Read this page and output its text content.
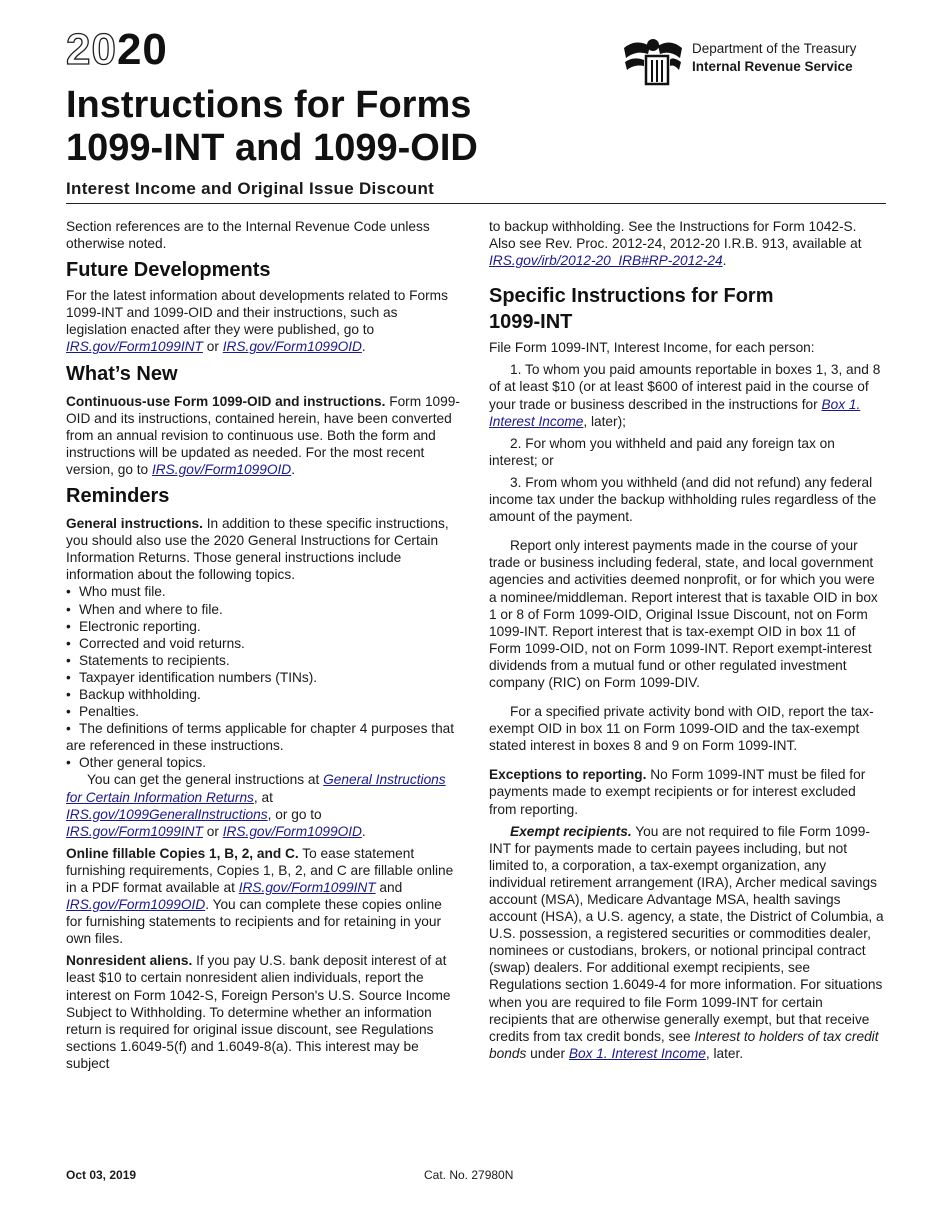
2020
Instructions for Forms
1099-INT and 1099-OID
Department of the Treasury
Internal Revenue Service
Interest Income and Original Issue Discount

Section references are to the Internal Revenue Code unless otherwise noted.

Future Developments

For the latest information about developments related to Forms 1099-INT and 1099-OID and their instructions, such as legislation enacted after they were published, go to IRS.gov/Form1099INT or IRS.gov/Form1099OID.

What’s New

Continuous-use Form 1099-OID and instructions. Form 1099-OID and its instructions, contained herein, have been converted from an annual revision to continuous use. Both the form and instructions will be updated as needed. For the most recent version, go to IRS.gov/Form1099OID.

Reminders

General instructions. In addition to these specific instructions, you should also use the 2020 General Instructions for Certain Information Returns. Those general instructions include information about the following topics.

• Who must file.
• When and where to file.
• Electronic reporting.
• Corrected and void returns.
• Statements to recipients.
• Taxpayer identification numbers (TINs).
• Backup withholding.
• Penalties.
• The definitions of terms applicable for chapter 4 purposes that are referenced in these instructions.
• Other general topics.

You can get the general instructions at General Instructions for Certain Information Returns, at IRS.gov/1099GeneralInstructions, or go to IRS.gov/Form1099INT or IRS.gov/Form1099OID.

Online fillable Copies 1, B, 2, and C. To ease statement furnishing requirements, Copies 1, B, 2, and C are fillable online in a PDF format available at IRS.gov/Form1099INT and IRS.gov/Form1099OID. You can complete these copies online for furnishing statements to recipients and for retaining in your own files.

Nonresident aliens. If you pay U.S. bank deposit interest of at least $10 to certain nonresident alien individuals, report the interest on Form 1042-S, Foreign Person's U.S. Source Income Subject to Withholding. To determine whether an information return is required for original issue discount, see Regulations sections 1.6049-5(f) and 1.6049-8(a). This interest may be subject

to backup withholding. See the Instructions for Form 1042-S. Also see Rev. Proc. 2012-24, 2012-20 I.R.B. 913, available at IRS.gov/irb/2012-20_IRB#RP-2012-24.

Specific Instructions for Form 1099-INT

File Form 1099-INT, Interest Income, for each person:

1. To whom you paid amounts reportable in boxes 1, 3, and 8 of at least $10 (or at least $600 of interest paid in the course of your trade or business described in the instructions for Box 1. Interest Income, later);

2. For whom you withheld and paid any foreign tax on interest; or

3. From whom you withheld (and did not refund) any federal income tax under the backup withholding rules regardless of the amount of the payment.

Report only interest payments made in the course of your trade or business including federal, state, and local government agencies and activities deemed nonprofit, or for which you were a nominee/middleman. Report interest that is taxable OID in box 1 or 8 of Form 1099-OID, Original Issue Discount, not on Form 1099-INT. Report interest that is tax-exempt OID in box 11 of Form 1099-OID, not on Form 1099-INT. Report exempt-interest dividends from a mutual fund or other regulated investment company (RIC) on Form 1099-DIV.

For a specified private activity bond with OID, report the tax-exempt OID in box 11 on Form 1099-OID and the tax-exempt stated interest in boxes 8 and 9 on Form 1099-INT.

Exceptions to reporting. No Form 1099-INT must be filed for payments made to exempt recipients or for interest excluded from reporting.

Exempt recipients. You are not required to file Form 1099-INT for payments made to certain payees including, but not limited to, a corporation, a tax-exempt organization, any individual retirement arrangement (IRA), Archer medical savings account (MSA), Medicare Advantage MSA, health savings account (HSA), a U.S. agency, a state, the District of Columbia, a U.S. possession, a registered securities or commodities dealer, nominees or custodians, brokers, or notional principal contract (swap) dealers. For additional exempt recipients, see Regulations section 1.6049-4 for more information. For situations when you are required to file Form 1099-INT for certain recipients that are otherwise generally exempt, but that receive credits from tax credit bonds, see Interest to holders of tax credit bonds under Box 1. Interest Income, later.

Oct 03, 2019	Cat. No. 27980N
